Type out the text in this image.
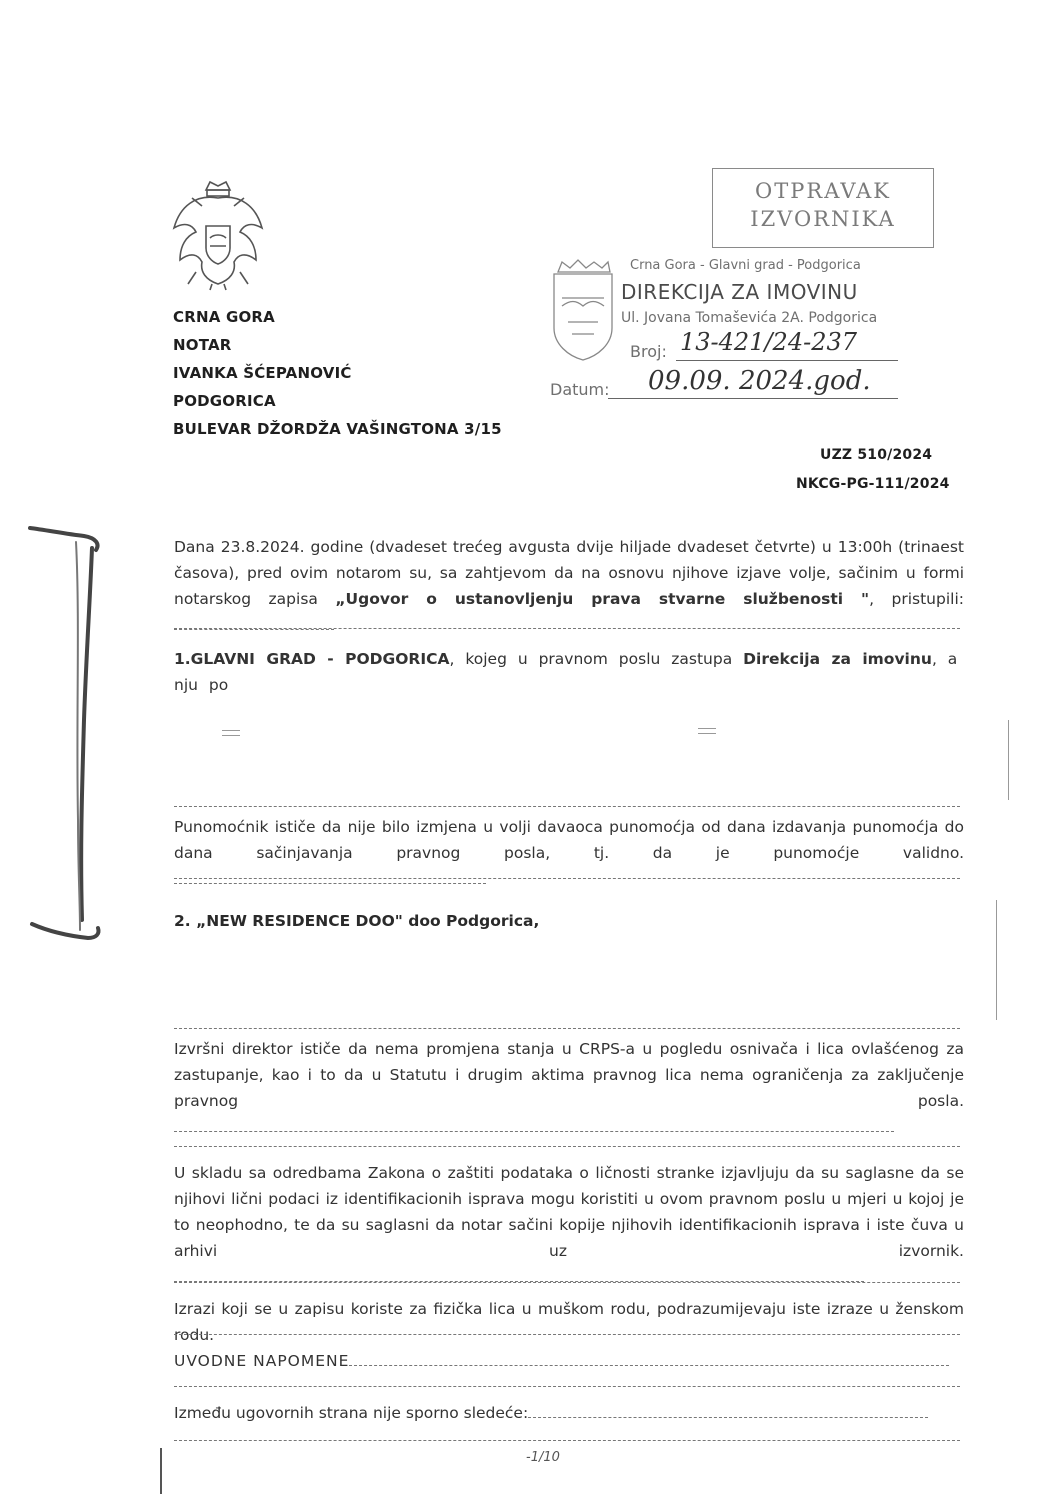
CRNA GORA
NOTAR
IVANKA ŠĆEPANOVIĆ
PODGORICA
BULEVAR DŽORDŽA VAŠINGTONA 3/15
OTPRAVAK
IZVORNIKA
Crna Gora - Glavni grad - Podgorica
DIREKCIJA ZA IMOVINU
Ul. Jovana Tomaševića 2A. Podgorica
Broj: 13-421/24-237
Datum: 09.09. 2024.god.
UZZ 510/2024
NKCG-PG-111/2024
Dana 23.8.2024. godine (dvadeset trećeg avgusta dvije hiljade dvadeset četvrte) u 13:00h (trinaest časova), pred ovim notarom su, sa zahtjevom da na osnovu njihove izjave volje, sačinim u formi notarskog zapisa „Ugovor o ustanovljenju prava stvarne službenosti ", pristupili:
1.GLAVNI GRAD - PODGORICA, kojeg u pravnom poslu zastupa Direkcija za imovinu, a nju po
Punomoćnik ističe da nije bilo izmjena u volji davaoca punomoćja od dana izdavanja punomoćja do dana sačinjavanja pravnog posla, tj. da je punomoćje validno.
2. „NEW RESIDENCE DOO" doo Podgorica,
Izvršni direktor ističe da nema promjena stanja u CRPS-a u pogledu osnivača i lica ovlašćenog za zastupanje, kao i to da u Statutu i drugim aktima pravnog lica nema ograničenja za zaključenje pravnog posla.
U skladu sa odredbama Zakona o zaštiti podataka o ličnosti stranke izjavljuju da su saglasne da se njihovi lični podaci iz identifikacionih isprava mogu koristiti u ovom pravnom poslu u mjeri u kojoj je to neophodno, te da su saglasni da notar sačini kopije njihovih identifikacionih isprava i iste čuva u arhivi uz izvornik.
Izrazi koji se u zapisu koriste za fizička lica u muškom rodu, podrazumijevaju iste izraze u ženskom rodu.
UVODNE NAPOMENE
Između ugovornih strana nije sporno sledeće:
-1/10
